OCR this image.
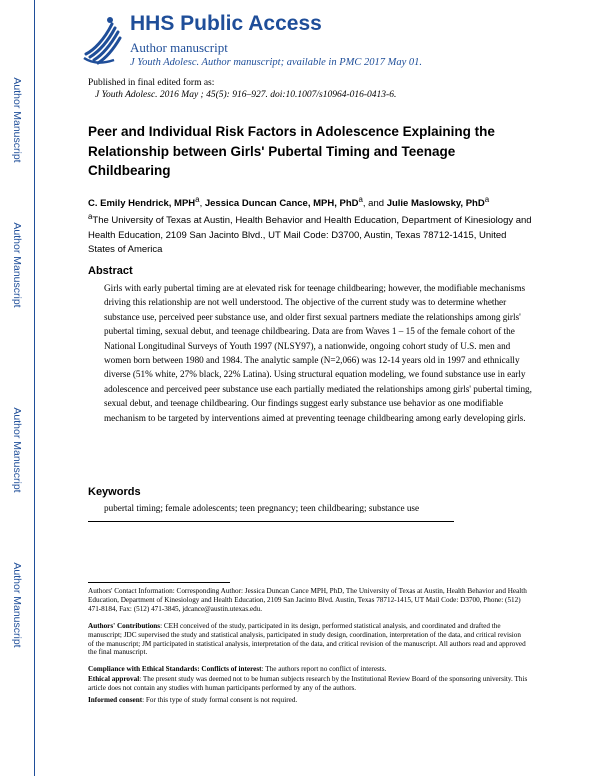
Author Manuscript
Author Manuscript
Author Manuscript
Author Manuscript
HHS Public Access
Author manuscript
J Youth Adolesc. Author manuscript; available in PMC 2017 May 01.
Published in final edited form as:
J Youth Adolesc. 2016 May ; 45(5): 916–927. doi:10.1007/s10964-016-0413-6.
Peer and Individual Risk Factors in Adolescence Explaining the Relationship between Girls' Pubertal Timing and Teenage Childbearing
C. Emily Hendrick, MPH$^a$, Jessica Duncan Cance, MPH, PhD$^a$, and Julie Maslowsky, PhD$^a$
$^a$The University of Texas at Austin, Health Behavior and Health Education, Department of Kinesiology and Health Education, 2109 San Jacinto Blvd., UT Mail Code: D3700, Austin, Texas 78712-1415, United States of America
Abstract
Girls with early pubertal timing are at elevated risk for teenage childbearing; however, the modifiable mechanisms driving this relationship are not well understood. The objective of the current study was to determine whether substance use, perceived peer substance use, and older first sexual partners mediate the relationships among girls' pubertal timing, sexual debut, and teenage childbearing. Data are from Waves 1 – 15 of the female cohort of the National Longitudinal Surveys of Youth 1997 (NLSY97), a nationwide, ongoing cohort study of U.S. men and women born between 1980 and 1984. The analytic sample (N=2,066) was 12-14 years old in 1997 and ethnically diverse (51% white, 27% black, 22% Latina). Using structural equation modeling, we found substance use in early adolescence and perceived peer substance use each partially mediated the relationships among girls' pubertal timing, sexual debut, and teenage childbearing. Our findings suggest early substance use behavior as one modifiable mechanism to be targeted by interventions aimed at preventing teenage childbearing among early developing girls.
Keywords
pubertal timing; female adolescents; teen pregnancy; teen childbearing; substance use
Authors' Contact Information: Corresponding Author: Jessica Duncan Cance MPH, PhD, The University of Texas at Austin, Health Behavior and Health Education, Department of Kinesiology and Health Education, 2109 San Jacinto Blvd. Austin, Texas 78712-1415, UT Mail Code: D3700, Phone: (512) 471-8184, Fax: (512) 471-3845, jdcance@austin.utexas.edu.
Authors' Contributions: CEH conceived of the study, participated in its design, performed statistical analysis, and coordinated and drafted the manuscript; JDC supervised the study and statistical analysis, participated in study design, coordination, interpretation of the data, and critical revision of the manuscript; JM participated in statistical analysis, interpretation of the data, and critical revision of the manuscript. All authors read and approved the final manuscript.
Compliance with Ethical Standards: Conflicts of interest: The authors report no conflict of interests.
Ethical approval: The present study was deemed not to be human subjects research by the Institutional Review Board of the sponsoring university. This article does not contain any studies with human participants performed by any of the authors.
Informed consent: For this type of study formal consent is not required.
